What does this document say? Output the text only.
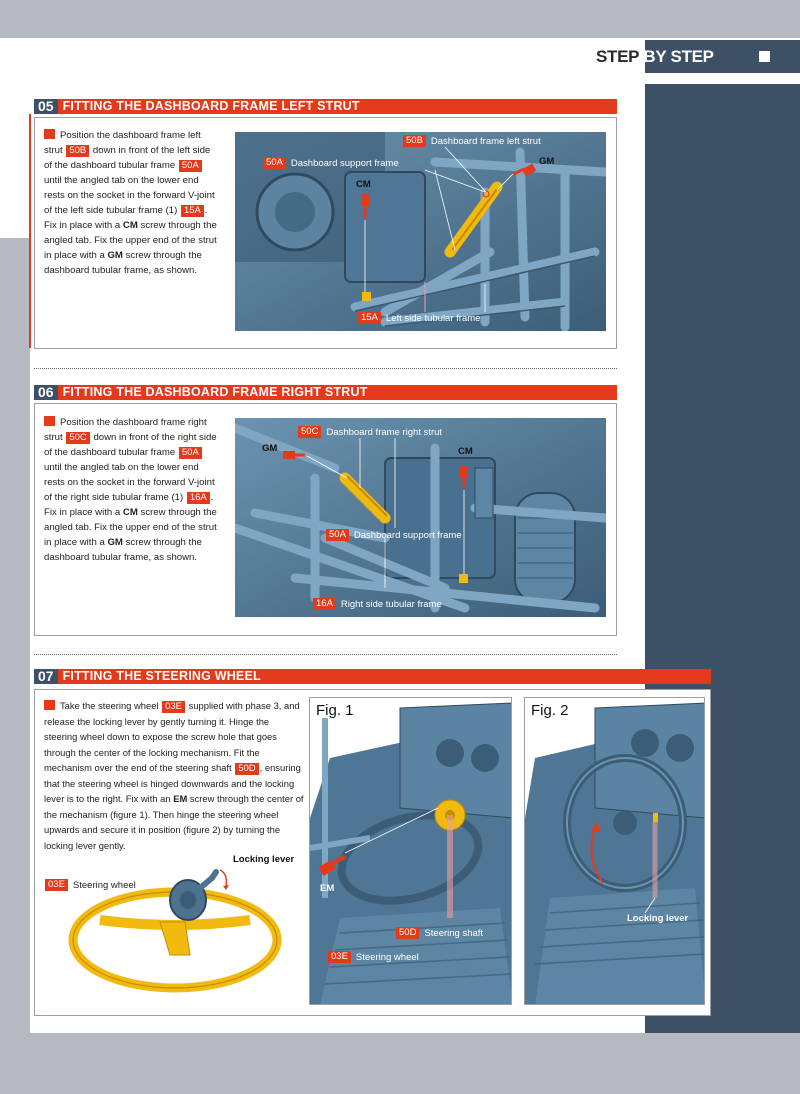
STEP BY STEP
05 FITTING THE DASHBOARD FRAME LEFT STRUT
Position the dashboard frame left strut 50B down in front of the left side of the dashboard tubular frame 50A until the angled tab on the lower end rests on the socket in the forward V-joint of the left side tubular frame (1) 15A . Fix in place with a CM screw through the angled tab. Fix the upper end of the strut in place with a GM screw through the dashboard tubular frame, as shown.
50B Dashboard frame left strut
50A Dashboard support frame
15A Left side tubular frame
CM
GM
06 FITTING THE DASHBOARD FRAME RIGHT STRUT
Position the dashboard frame right strut 50C down in front of the right side of the dashboard tubular frame 50A until the angled tab on the lower end rests on the socket in the forward V-joint of the right side tubular frame (1) 16A . Fix in place with a CM screw through the angled tab. Fix the upper end of the strut in place with a GM screw through the dashboard tubular frame, as shown.
50C Dashboard frame right strut
50A Dashboard support frame
16A Right side tubular frame
GM	CM
07 FITTING THE STEERING WHEEL
Take the steering wheel 03E supplied with phase 3, and release the locking lever by gently turning it. Hinge the steering wheel down to expose the screw hole that goes through the center of the locking mechanism. Fit the mechanism over the end of the steering shaft 50D , ensuring that the steering wheel is hinged downwards and the locking lever is to the right. Fix with an EM screw through the center of the mechanism (figure 1). Then hinge the steering wheel upwards and secure it in position (figure 2) by turning the locking lever gently.
Locking lever
03E Steering wheel
Fig. 1
EM
50D Steering shaft
03E Steering wheel
Fig. 2
Locking lever
